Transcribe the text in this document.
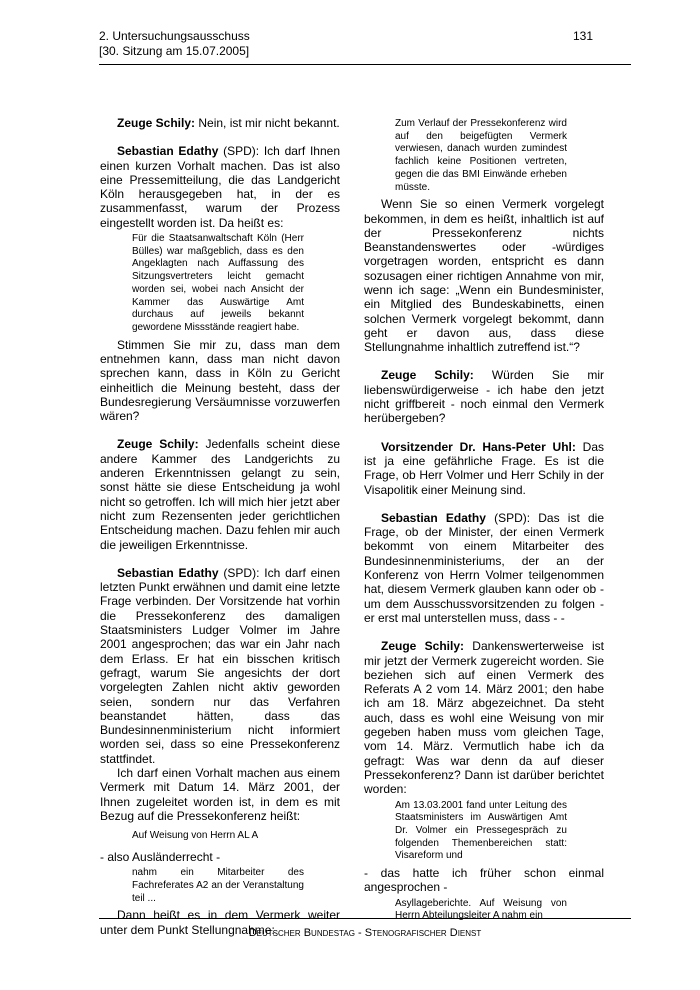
2. Untersuchungsausschuss
[30. Sitzung am 15.07.2005]
131

Zeuge Schily: Nein, ist mir nicht bekannt.

Sebastian Edathy (SPD): Ich darf Ihnen einen kurzen Vorhalt machen. Das ist also eine Pressemitteilung, die das Landgericht Köln herausgegeben hat, in der es zusammenfasst, warum der Prozess eingestellt worden ist. Da heißt es:

Für die Staatsanwaltschaft Köln (Herr Bülles) war maßgeblich, dass es den Angeklagten nach Auffassung des Sitzungsvertreters leicht gemacht worden sei, wobei nach Ansicht der Kammer das Auswärtige Amt durchaus auf jeweils bekannt gewordene Missstände reagiert habe.

Stimmen Sie mir zu, dass man dem entnehmen kann, dass man nicht davon sprechen kann, dass in Köln zu Gericht einheitlich die Meinung besteht, dass der Bundesregierung Versäumnisse vorzuwerfen wären?

Zeuge Schily: Jedenfalls scheint diese andere Kammer des Landgerichts zu anderen Erkenntnissen gelangt zu sein, sonst hätte sie diese Entscheidung ja wohl nicht so getroffen. Ich will mich hier jetzt aber nicht zum Rezensenten jeder gerichtlichen Entscheidung machen. Dazu fehlen mir auch die jeweiligen Erkenntnisse.

Sebastian Edathy (SPD): Ich darf einen letzten Punkt erwähnen und damit eine letzte Frage verbinden. Der Vorsitzende hat vorhin die Pressekonferenz des damaligen Staatsministers Ludger Volmer im Jahre 2001 angesprochen; das war ein Jahr nach dem Erlass. Er hat ein bisschen kritisch gefragt, warum Sie angesichts der dort vorgelegten Zahlen nicht aktiv geworden seien, sondern nur das Verfahren beanstandet hätten, dass das Bundesinnenministerium nicht informiert worden sei, dass so eine Pressekonferenz stattfindet.

Ich darf einen Vorhalt machen aus einem Vermerk mit Datum 14. März 2001, der Ihnen zugeleitet worden ist, in dem es mit Bezug auf die Pressekonferenz heißt:

Auf Weisung von Herrn AL A

- also Ausländerrecht -

nahm ein Mitarbeiter des Fachreferates A2 an der Veranstaltung teil ...

Dann heißt es in dem Vermerk weiter unter dem Punkt Stellungnahme:

Zum Verlauf der Pressekonferenz wird auf den beigefügten Vermerk verwiesen, danach wurden zumindest fachlich keine Positionen vertreten, gegen die das BMI Einwände erheben müsste.

Wenn Sie so einen Vermerk vorgelegt bekommen, in dem es heißt, inhaltlich ist auf der Pressekonferenz nichts Beanstandenswertes oder -würdiges vorgetragen worden, entspricht es dann sozusagen einer richtigen Annahme von mir, wenn ich sage: „Wenn ein Bundesminister, ein Mitglied des Bundeskabinetts, einen solchen Vermerk vorgelegt bekommt, dann geht er davon aus, dass diese Stellungnahme inhaltlich zutreffend ist.“?

Zeuge Schily: Würden Sie mir liebenswürdigerweise - ich habe den jetzt nicht griffbereit - noch einmal den Vermerk herübergeben?

Vorsitzender Dr. Hans-Peter Uhl: Das ist ja eine gefährliche Frage. Es ist die Frage, ob Herr Volmer und Herr Schily in der Visapolitik einer Meinung sind.

Sebastian Edathy (SPD): Das ist die Frage, ob der Minister, der einen Vermerk bekommt von einem Mitarbeiter des Bundesinnenministeriums, der an der Konferenz von Herrn Volmer teilgenommen hat, diesem Vermerk glauben kann oder ob - um dem Ausschussvorsitzenden zu folgen - er erst mal unterstellen muss, dass - -

Zeuge Schily: Dankenswerterweise ist mir jetzt der Vermerk zugereicht worden. Sie beziehen sich auf einen Vermerk des Referats A 2 vom 14. März 2001; den habe ich am 18. März abgezeichnet. Da steht auch, dass es wohl eine Weisung von mir gegeben haben muss vom gleichen Tage, vom 14. März. Vermutlich habe ich da gefragt: Was war denn da auf dieser Pressekonferenz? Dann ist darüber berichtet worden:

Am 13.03.2001 fand unter Leitung des Staatsministers im Auswärtigen Amt Dr. Volmer ein Pressegespräch zu folgenden Themenbereichen statt: Visareform und

- das hatte ich früher schon einmal angesprochen -

Asyllageberichte. Auf Weisung von Herrn Abteilungsleiter A nahm ein
Deutscher Bundestag - Stenografischer Dienst
